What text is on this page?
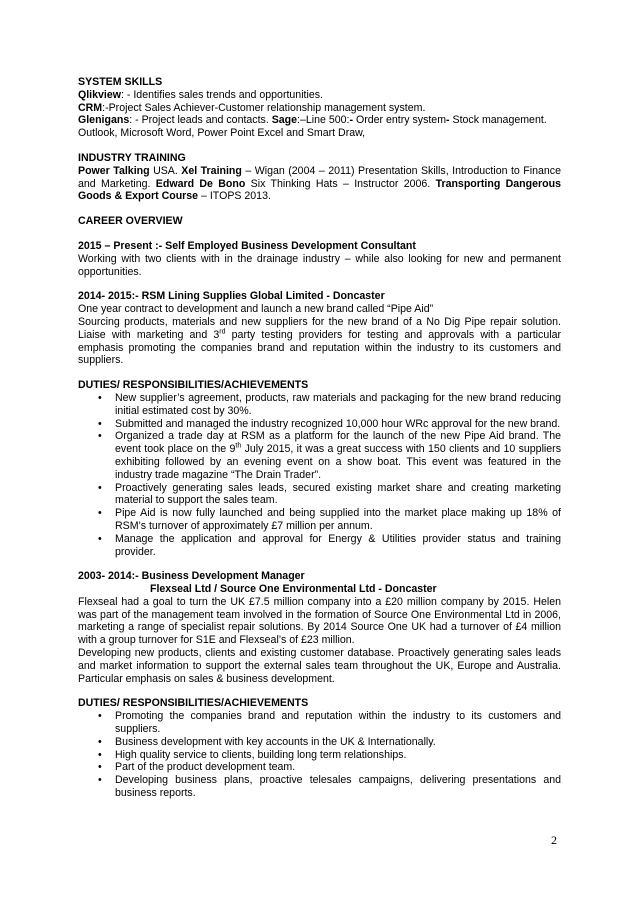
SYSTEM SKILLS

Qlikview: - Identifies sales trends and opportunities.

CRM:-Project Sales Achiever-Customer relationship management system.

Glenigans: - Project leads and contacts. Sage:–Line 500:- Order entry system- Stock management.

Outlook, Microsoft Word, Power Point Excel and Smart Draw,

INDUSTRY TRAINING

Power Talking USA. Xel Training – Wigan (2004 – 2011) Presentation Skills, Introduction to Finance and Marketing. Edward De Bono Six Thinking Hats – Instructor 2006. Transporting Dangerous Goods & Export Course – ITOPS 2013.

CAREER OVERVIEW
2015 – Present :- Self Employed Business Development Consultant

Working with two clients with in the drainage industry – while also looking for new and permanent opportunities.

2014- 2015:- RSM Lining Supplies Global Limited - Doncaster

One year contract to development and launch a new brand called “Pipe Aid”

Sourcing products, materials and new suppliers for the new brand of a No Dig Pipe repair solution. Liaise with marketing and 3rd party testing providers for testing and approvals with a particular emphasis promoting the companies brand and reputation within the industry to its customers and suppliers.

DUTIES/ RESPONSIBILITIES/ACHIEVEMENTS
• New supplier’s agreement, products, raw materials and packaging for the new brand reducing initial estimated cost by 30%.
• Submitted and managed the industry recognized 10,000 hour WRc approval for the new brand.
• Organized a trade day at RSM as a platform for the launch of the new Pipe Aid brand. The event took place on the 9th July 2015, it was a great success with 150 clients and 10 suppliers exhibiting followed by an evening event on a show boat. This event was featured in the industry trade magazine “The Drain Trader”.
• Proactively generating sales leads, secured existing market share and creating marketing material to support the sales team.
• Pipe Aid is now fully launched and being supplied into the market place making up 18% of RSM’s turnover of approximately £7 million per annum.
• Manage the application and approval for Energy & Utilities provider status and training provider.
2003- 2014:- Business Development Manager
Flexseal Ltd / Source One Environmental Ltd - Doncaster

Flexseal had a goal to turn the UK £7.5 million company into a £20 million company by 2015. Helen was part of the management team involved in the formation of Source One Environmental Ltd in 2006, marketing a range of specialist repair solutions. By 2014 Source One UK had a turnover of £4 million with a group turnover for S1E and Flexseal’s of £23 million.

Developing new products, clients and existing customer database. Proactively generating sales leads and market information to support the external sales team throughout the UK, Europe and Australia. Particular emphasis on sales & business development.

DUTIES/ RESPONSIBILITIES/ACHIEVEMENTS
• Promoting the companies brand and reputation within the industry to its customers and suppliers.
• Business development with key accounts in the UK & Internationally.
• High quality service to clients, building long term relationships.
• Part of the product development team.
• Developing business plans, proactive telesales campaigns, delivering presentations and business reports.
2
